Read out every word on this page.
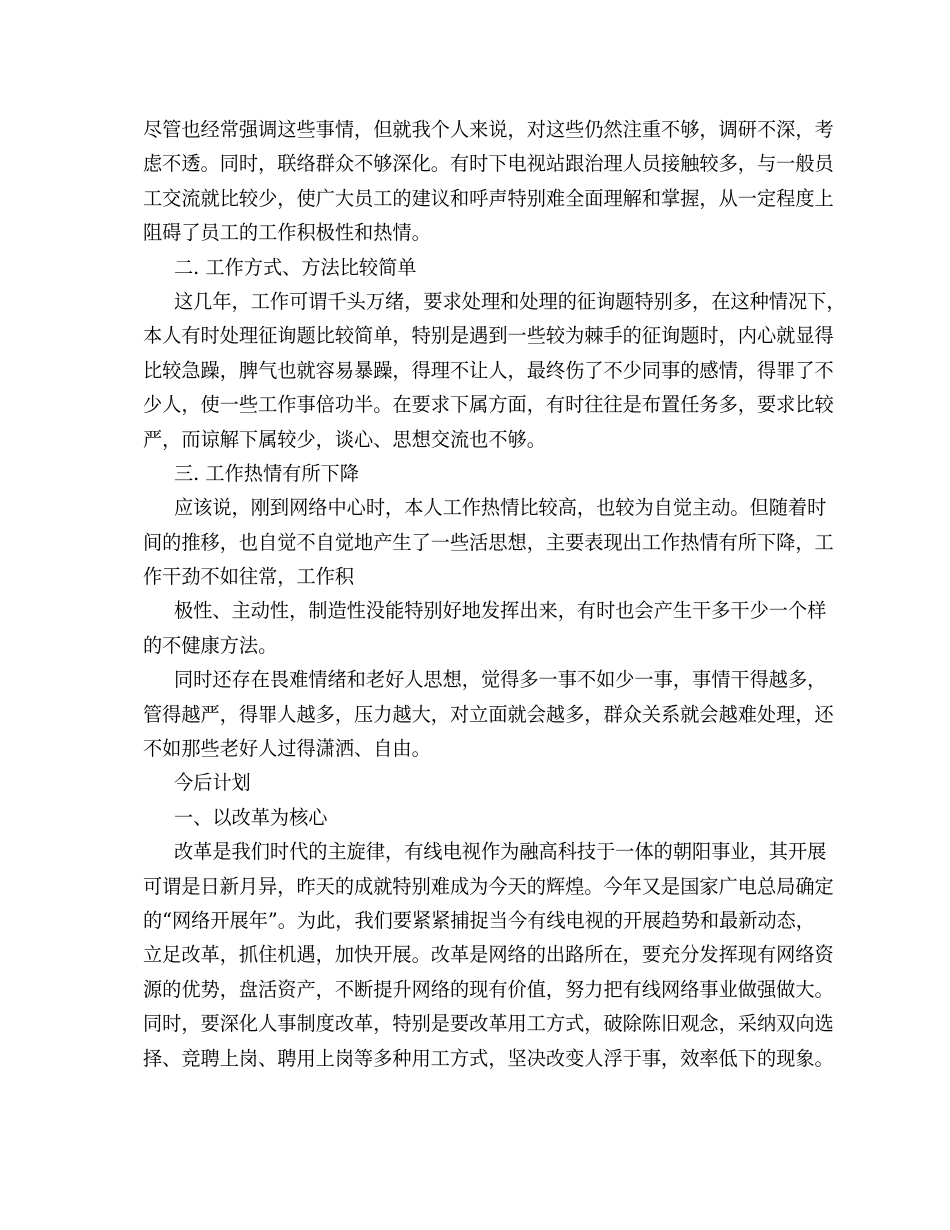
尽管也经常强调这些事情，但就我个人来说，对这些仍然注重不够，调研不深，考
虑不透。同时，联络群众不够深化。有时下电视站跟治理人员接触较多，与一般员
工交流就比较少，使广大员工的建议和呼声特别难全面理解和掌握，从一定程度上
阻碍了员工的工作积极性和热情。
二. 工作方式、方法比较简单
这几年，工作可谓千头万绪，要求处理和处理的征询题特别多，在这种情况下，
本人有时处理征询题比较简单，特别是遇到一些较为棘手的征询题时，内心就显得
比较急躁，脾气也就容易暴躁，得理不让人，最终伤了不少同事的感情，得罪了不
少人，使一些工作事倍功半。在要求下属方面，有时往往是布置任务多，要求比较
严，而谅解下属较少，谈心、思想交流也不够。
三. 工作热情有所下降
应该说，刚到网络中心时，本人工作热情比较高，也较为自觉主动。但随着时
间的推移，也自觉不自觉地产生了一些活思想，主要表现出工作热情有所下降，工
作干劲不如往常，工作积
极性、主动性，制造性没能特别好地发挥出来，有时也会产生干多干少一个样
的不健康方法。
同时还存在畏难情绪和老好人思想，觉得多一事不如少一事，事情干得越多，
管得越严，得罪人越多，压力越大，对立面就会越多，群众关系就会越难处理，还
不如那些老好人过得潇洒、自由。
今后计划
一、以改革为核心
改革是我们时代的主旋律，有线电视作为融高科技于一体的朝阳事业，其开展
可谓是日新月异，昨天的成就特别难成为今天的辉煌。今年又是国家广电总局确定
的“网络开展年”。为此，我们要紧紧捕捉当今有线电视的开展趋势和最新动态，
立足改革，抓住机遇，加快开展。改革是网络的出路所在，要充分发挥现有网络资
源的优势，盘活资产，不断提升网络的现有价值，努力把有线网络事业做强做大。
同时，要深化人事制度改革，特别是要改革用工方式，破除陈旧观念，采纳双向选
择、竞聘上岗、聘用上岗等多种用工方式，坚决改变人浮于事，效率低下的现象。
